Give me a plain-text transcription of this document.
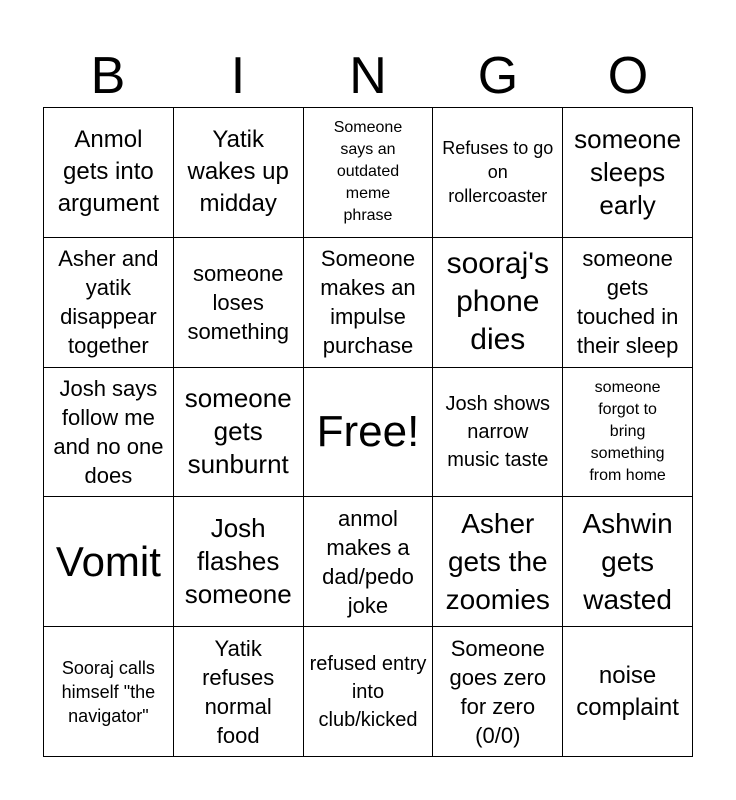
B	I	N	G	O
Anmol gets into argument
Yatik wakes up midday
Someone says an outdated meme phrase
Refuses to go on rollercoaster
someone sleeps early
Asher and yatik disappear together
someone loses something
Someone makes an impulse purchase
sooraj's phone dies
someone gets touched in their sleep
Josh says follow me and no one does
someone gets sunburnt
Free!
Josh shows narrow music taste
someone forgot to bring something from home
Vomit
Josh flashes someone
anmol makes a dad/pedo joke
Asher gets the zoomies
Ashwin gets wasted
Sooraj calls himself "the navigator"
Yatik refuses normal food
refused entry into club/kicked
Someone goes zero for zero (0/0)
noise complaint
